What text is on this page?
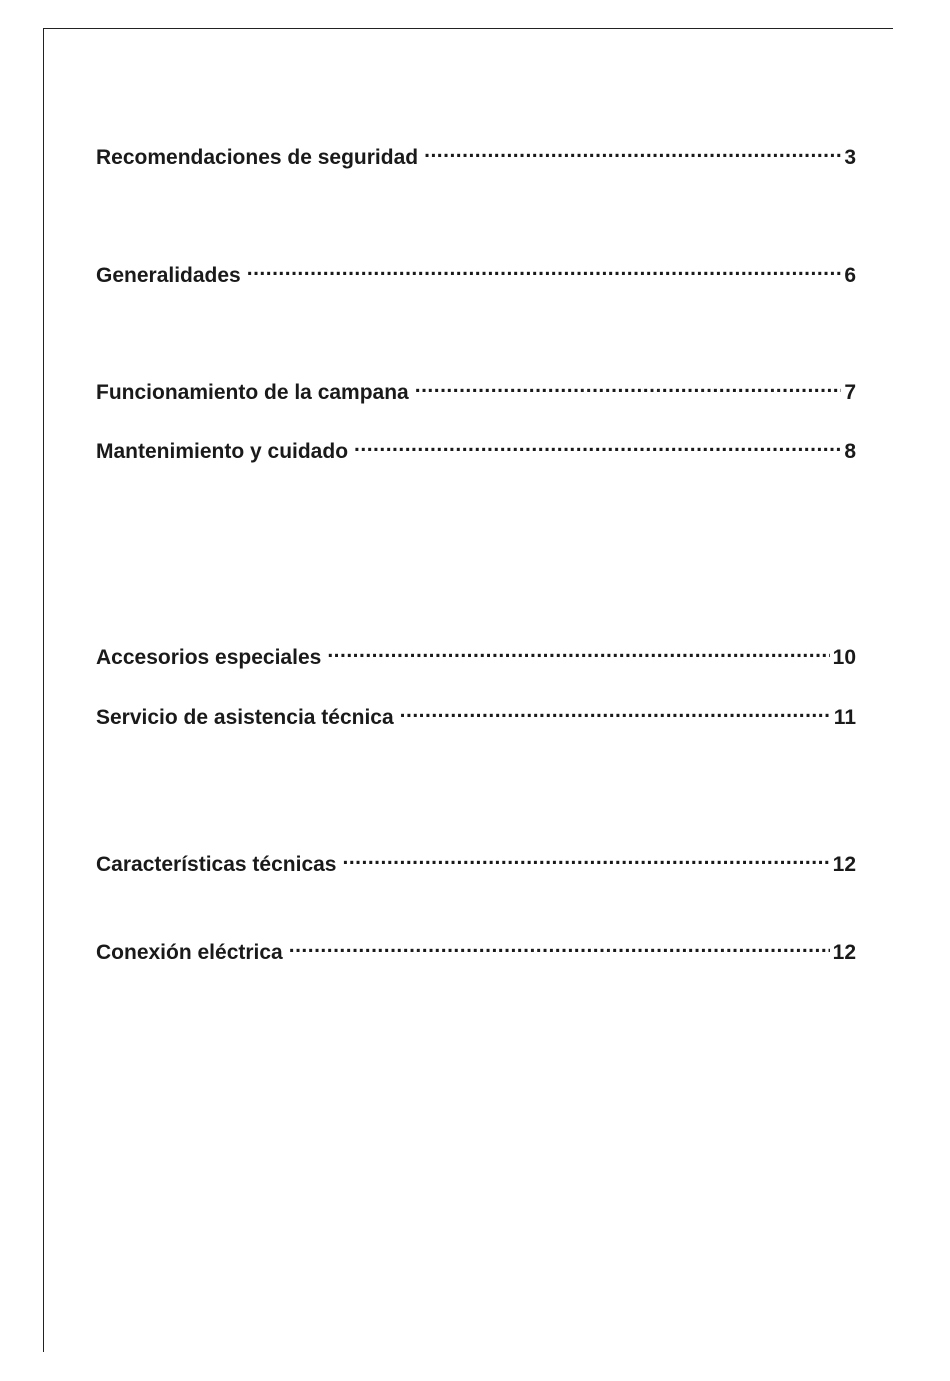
Recomendaciones de seguridad .....	3
Generalidades .....	6
Funcionamiento de la campana .....	7
Mantenimiento y cuidado .....	8
Accesorios especiales .....	10
Servicio de asistencia técnica .....	11
Características técnicas .....	12
Conexión eléctrica .....	12
